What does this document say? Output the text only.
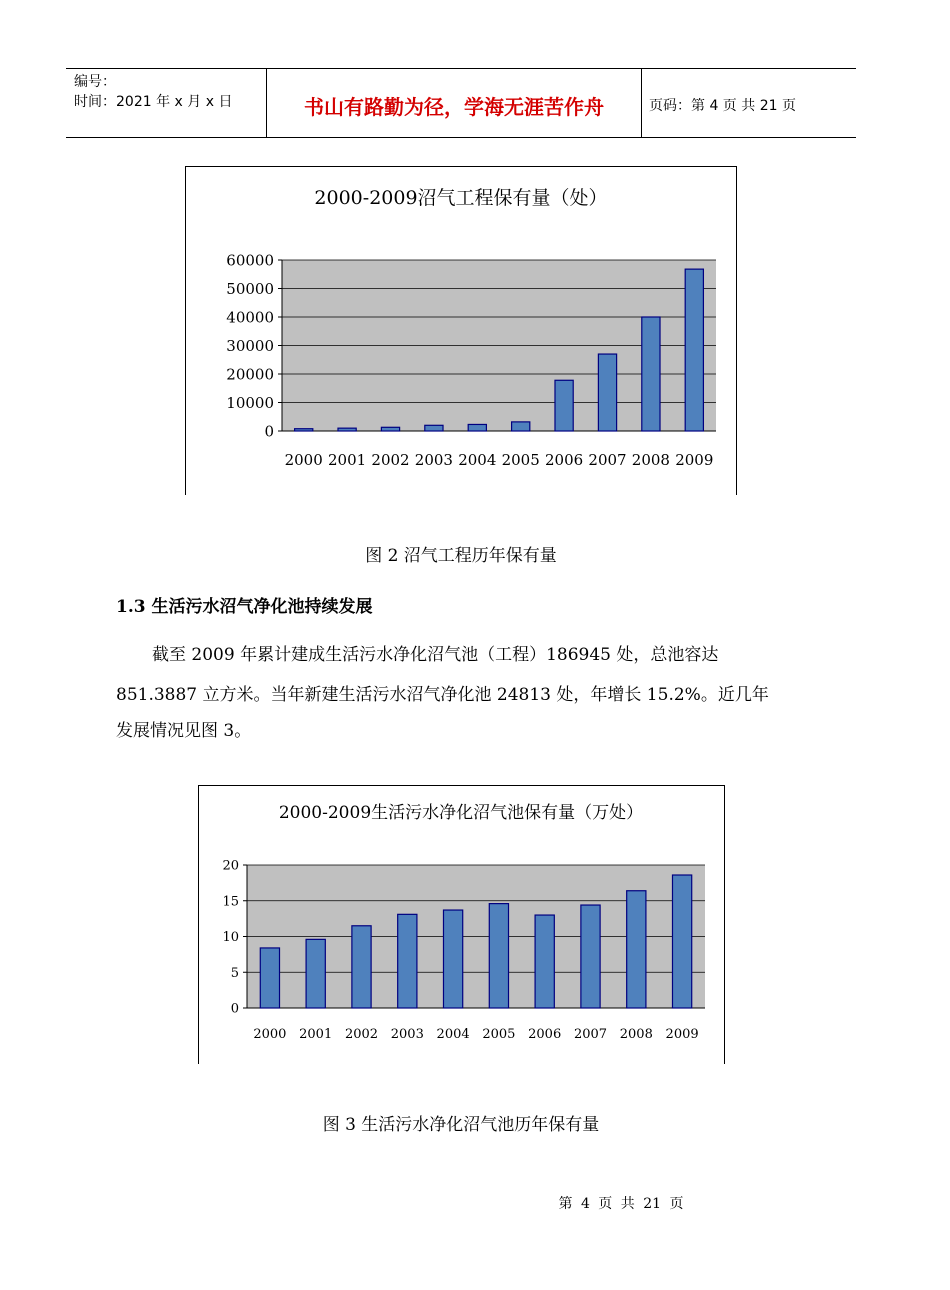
编号：
时间：2021 年 x 月 x 日	书山有路勤为径，学海无涯苦作舟	页码：第 4 页 共 21 页
2000-2009沼气工程保有量（处）
0
10000
20000
30000
40000
50000
60000
2000 2001 2002 2003 2004 2005 2006 2007 2008 2009
图 2 沼气工程历年保有量
1.3 生活污水沼气净化池持续发展
截至 2009 年累计建成生活污水净化沼气池（工程）186945 处，总池容达
851.3887 立方米。当年新建生活污水沼气净化池 24813 处，年增长 15.2%。近几年
发展情况见图 3。
2000-2009生活污水净化沼气池保有量（万处）
0
5
10
15
20
2000 2001 2002 2003 2004 2005 2006 2007 2008 2009
图 3 生活污水净化沼气池历年保有量
第 4 页 共 21 页
